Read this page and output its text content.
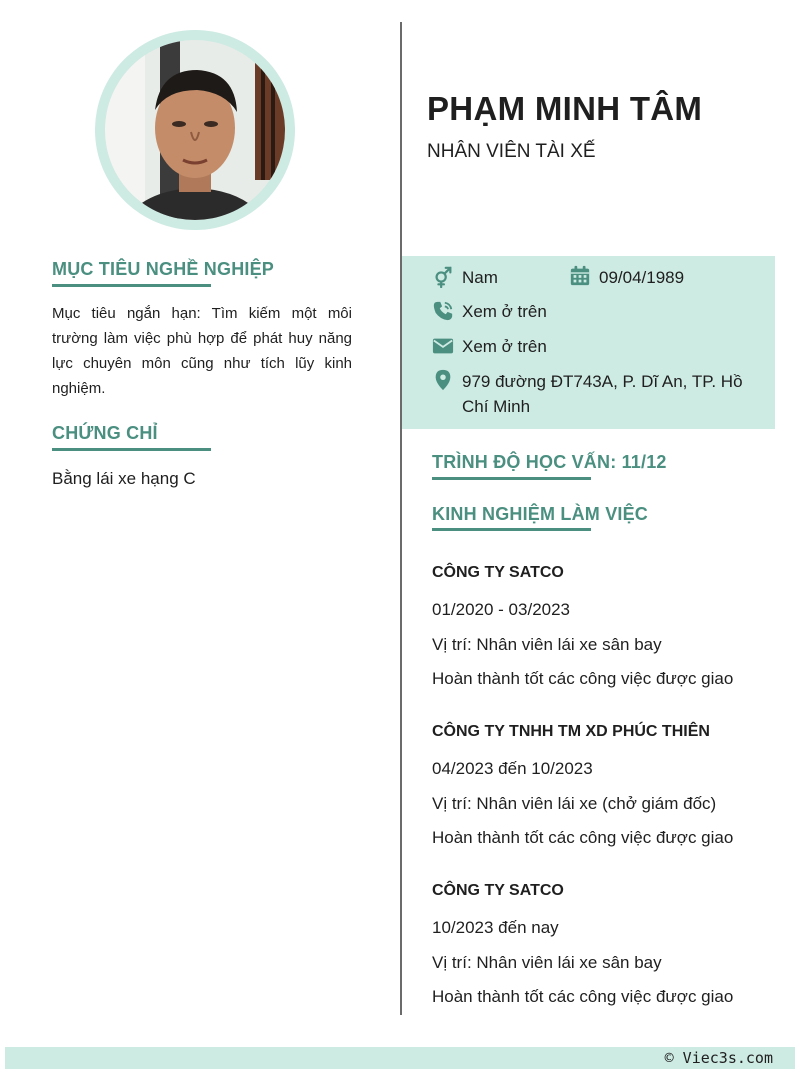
MỤC TIÊU NGHỀ NGHIỆP
Mục tiêu ngắn hạn: Tìm kiếm một môi trường làm việc phù hợp để phát huy năng lực chuyên môn cũng như tích lũy kinh nghiệm.
CHỨNG CHỈ
Bằng lái xe hạng C
PHẠM MINH TÂM
NHÂN VIÊN TÀI XẾ
Nam	09/04/1989
Xem ở trên
Xem ở trên
979 đường ĐT743A, P. Dĩ An, TP. Hồ Chí Minh
TRÌNH ĐỘ HỌC VẤN: 11/12
KINH NGHIỆM LÀM VIỆC
CÔNG TY SATCO
01/2020 - 03/2023
Vị trí: Nhân viên lái xe sân bay
Hoàn thành tốt các công việc được giao
CÔNG TY TNHH TM XD PHÚC THIÊN
04/2023 đến 10/2023
Vị trí: Nhân viên lái xe (chở giám đốc)
Hoàn thành tốt các công việc được giao
CÔNG TY SATCO
10/2023 đến nay
Vị trí: Nhân viên lái xe sân bay
Hoàn thành tốt các công việc được giao
© Viec3s.com
